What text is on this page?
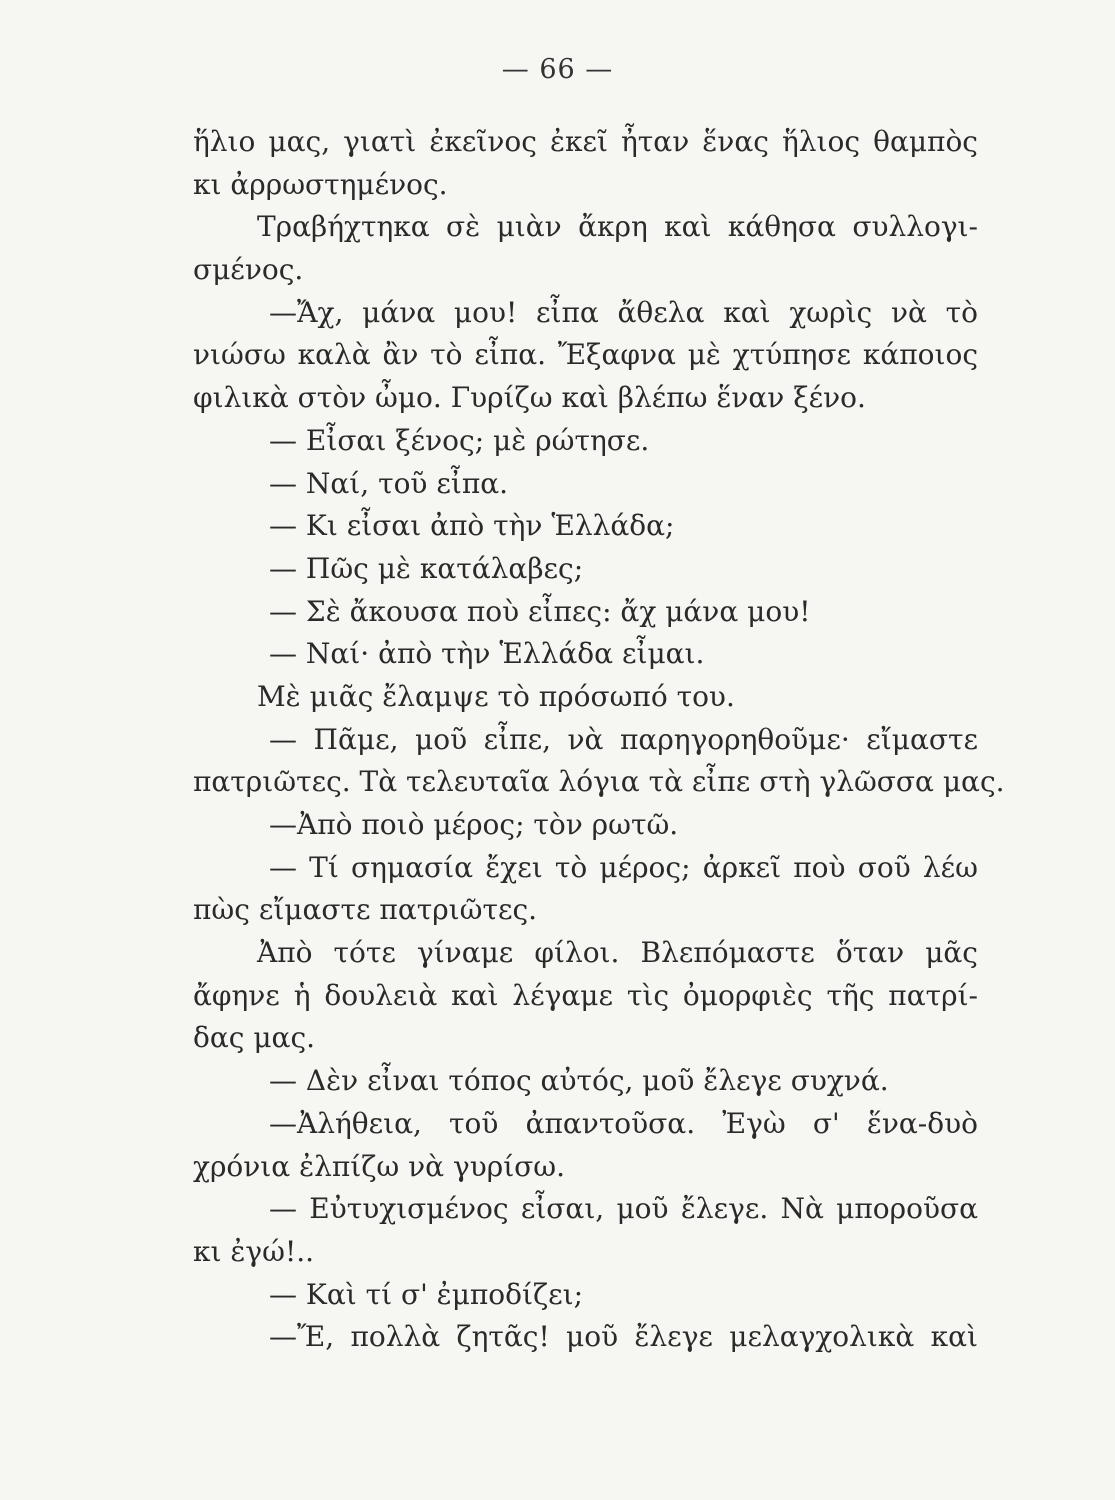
— 66 —
ἥλιο μας, γιατὶ ἐκεῖνος ἐκεῖ ἦταν ἕνας ἥλιος θαμπὸς
κι ἀρρωστημένος.
Τραβήχτηκα σὲ μιὰν ἄκρη καὶ κάθησα συλλογι-
σμένος.
—Ἄχ, μάνα μου! εἶπα ἄθελα καὶ χωρὶς νὰ τὸ
νιώσω καλὰ ἂν τὸ εἶπα. Ἔξαφνα μὲ χτύπησε κάποιος
φιλικὰ στὸν ὦμο. Γυρίζω καὶ βλέπω ἕναν ξένο.
— Εἶσαι ξένος; μὲ ρώτησε.
— Ναί, τοῦ εἶπα.
— Κι εἶσαι ἀπὸ τὴν Ἑλλάδα;
— Πῶς μὲ κατάλαβες;
— Σὲ ἄκουσα ποὺ εἶπες: ἄχ μάνα μου!
— Ναί· ἀπὸ τὴν Ἑλλάδα εἶμαι.
Μὲ μιᾶς ἔλαμψε τὸ πρόσωπό του.
— Πᾶμε, μοῦ εἶπε, νὰ παρηγορηθοῦμε· εἴμαστε
πατριῶτες. Τὰ τελευταῖα λόγια τὰ εἶπε στὴ γλῶσσα μας.
—Ἀπὸ ποιὸ μέρος; τὸν ρωτῶ.
— Τί σημασία ἔχει τὸ μέρος; ἀρκεῖ ποὺ σοῦ λέω
πὼς εἴμαστε πατριῶτες.
Ἀπὸ τότε γίναμε φίλοι. Βλεπόμαστε ὅταν μᾶς
ἄφηνε ἡ δουλειὰ καὶ λέγαμε τὶς ὀμορφιὲς τῆς πατρί-
δας μας.
— Δὲν εἶναι τόπος αὐτός, μοῦ ἔλεγε συχνά.
—Ἀλήθεια, τοῦ ἀπαντοῦσα. Ἐγὼ σ' ἕνα-δυὸ
χρόνια ἐλπίζω νὰ γυρίσω.
— Εὐτυχισμένος εἶσαι, μοῦ ἔλεγε. Νὰ μποροῦσα
κι ἐγώ!..
— Καὶ τί σ' ἐμποδίζει;
—Ἔ, πολλὰ ζητᾶς! μοῦ ἔλεγε μελαγχολικὰ καὶ
